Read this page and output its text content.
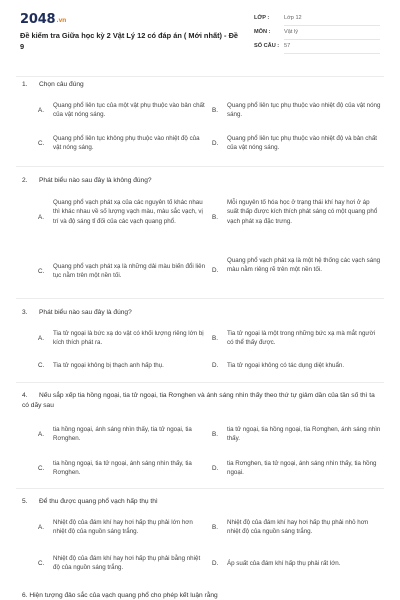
2048.vn
Đề kiểm tra Giữa học kỳ 2 Vật Lý 12 có đáp án ( Mới nhất) - Đề 9
LỚP :	Lớp 12
MÔN : Vật lý
SỐ CÂU : 57
1. Chọn câu đúng
A.
Quang phổ liên tục của một vật phụ thuộc vào bản chất của vật nóng sáng.
B.
Quang phổ liên tục phụ thuộc vào nhiệt độ của vật nóng sáng.
C.
Quang phổ liên tục không phụ thuộc vào nhiệt độ của vật nóng sáng.
D.
Quang phổ liên tục phụ thuộc vào nhiệt độ và bản chất của vật nóng sáng.
2. Phát biểu nào sau đây là không đúng?
A.
Quang phổ vạch phát xạ của các nguyên tố khác nhau thì khác nhau về số lượng vạch màu, màu sắc vạch, vị trí và độ sáng tỉ đối của các vạch quang phổ.
B.
Mỗi nguyên tố hóa học ở trạng thái khí hay hơi ở áp suất thấp được kích thích phát sáng có một quang phổ vạch phát xạ đặc trưng.
C.
Quang phổ vạch phát xạ là những dải màu biến đổi liên tục nằm trên một nền tối.
D.
Quang phổ vạch phát xạ là một hệ thống các vạch sáng màu nằm riêng rẽ trên một nền tối.
3. Phát biểu nào sau đây là đúng?
A.
Tia tử ngoại là bức xạ do vật có khối lượng riêng lớn bị kích thích phát ra.
B.
Tia tử ngoại là một trong những bức xạ mà mắt người có thể thấy được.
C. Tia tử ngoại không bị thạch anh hấp thụ.	D. Tia tử ngoại không có tác dụng diệt khuẩn.
4. Nếu sắp xếp tia hồng ngoại, tia tử ngoại, tia Rơnghen và ánh sáng nhìn thấy theo thứ tự giảm dần của tần số thì ta có dãy sau
A.
tia hồng ngoại, ánh sáng nhìn thấy, tia tử ngoại, tia Rơnghen.
B.
tia tử ngoại, tia hồng ngoại, tia Rơnghen, ánh sáng nhìn thấy.
C.
tia hồng ngoại, tia tử ngoại, ánh sáng nhìn thấy, tia Rơnghen.
D.
tia Rơnghen, tia tử ngoại, ánh sáng nhìn thấy, tia hồng ngoại.
5. Để thu được quang phổ vạch hấp thụ thì
A.
Nhiệt độ của đám khí hay hơi hấp thụ phải lớn hơn nhiệt độ của nguồn sáng trắng.
B.
Nhiệt độ của đám khí hay hơi hấp thụ phải nhỏ hơn nhiệt độ của nguồn sáng trắng.
C.
Nhiệt độ của đám khí hay hơi hấp thụ phải bằng nhiệt độ của nguồn sáng trắng.
D. Áp suất của đám khí hấp thụ phải rất lớn.
6. Hiện tượng đảo sắc của vạch quang phổ cho phép kết luận rằng
